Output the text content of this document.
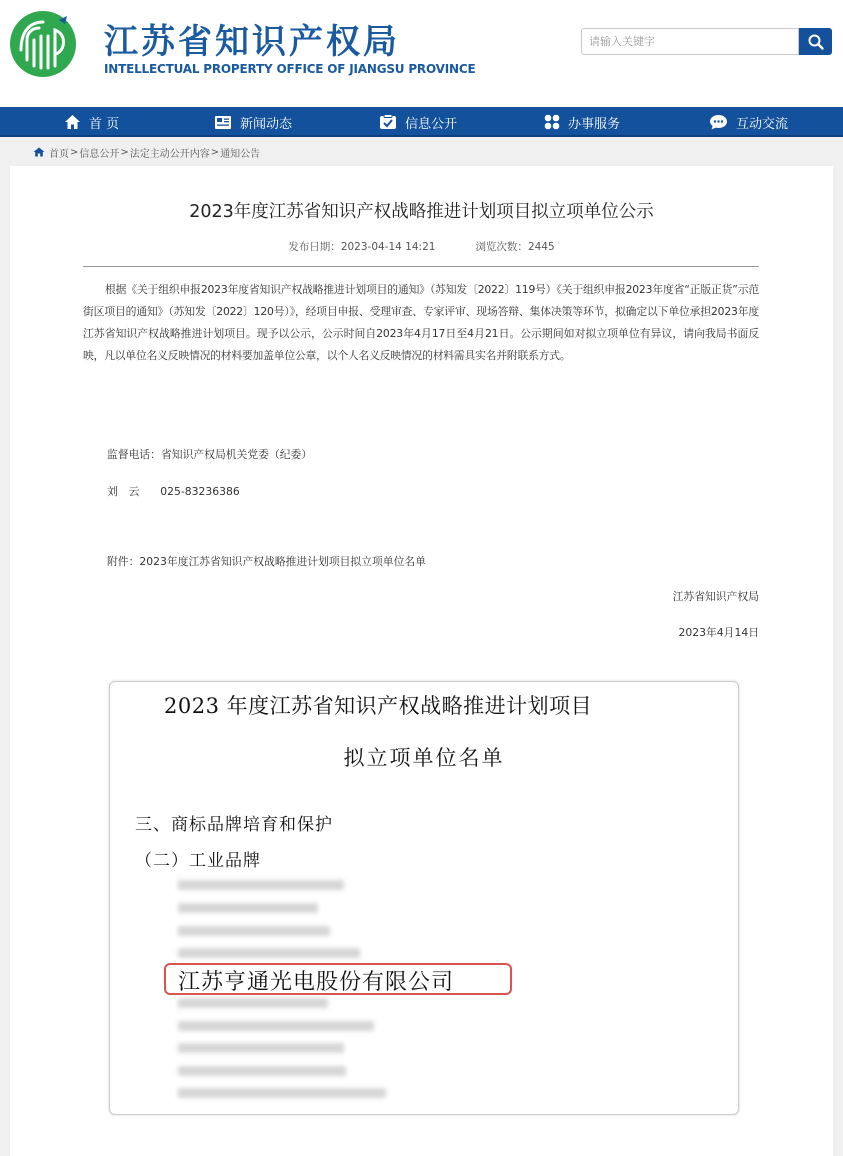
江苏省知识产权局
INTELLECTUAL PROPERTY OFFICE OF JIANGSU PROVINCE
请输入关键字
首 页	新闻动态	信息公开	办事服务	互动交流
首页 > 信息公开 > 法定主动公开内容 > 通知公告
2023年度江苏省知识产权战略推进计划项目拟立项单位公示
发布日期：2023-04-14 14:21	浏览次数：2445

根据《关于组织申报2023年度省知识产权战略推进计划项目的通知》（苏知发〔2022〕119号）《关于组织申报2023年度省“正版正货”示范街区项目的通知》（苏知发〔2022〕120号）》，经项目申报、受理审查、专家评审、现场答辩、集体决策等环节，拟确定以下单位承担2023年度江苏省知识产权战略推进计划项目。现予以公示，公示时间自2023年4月17日至4月21日。公示期间如对拟立项单位有异议，请向我局书面反映，凡以单位名义反映情况的材料要加盖单位公章，以个人名义反映情况的材料需具实名并附联系方式。

监督电话：省知识产权局机关党委（纪委）
刘　云 025-83236386
附件：2023年度江苏省知识产权战略推进计划项目拟立项单位名单
江苏省知识产权局
2023年4月14日
2023 年度江苏省知识产权战略推进计划项目
拟立项单位名单
三、商标品牌培育和保护
（二）工业品牌
江苏亨通光电股份有限公司
